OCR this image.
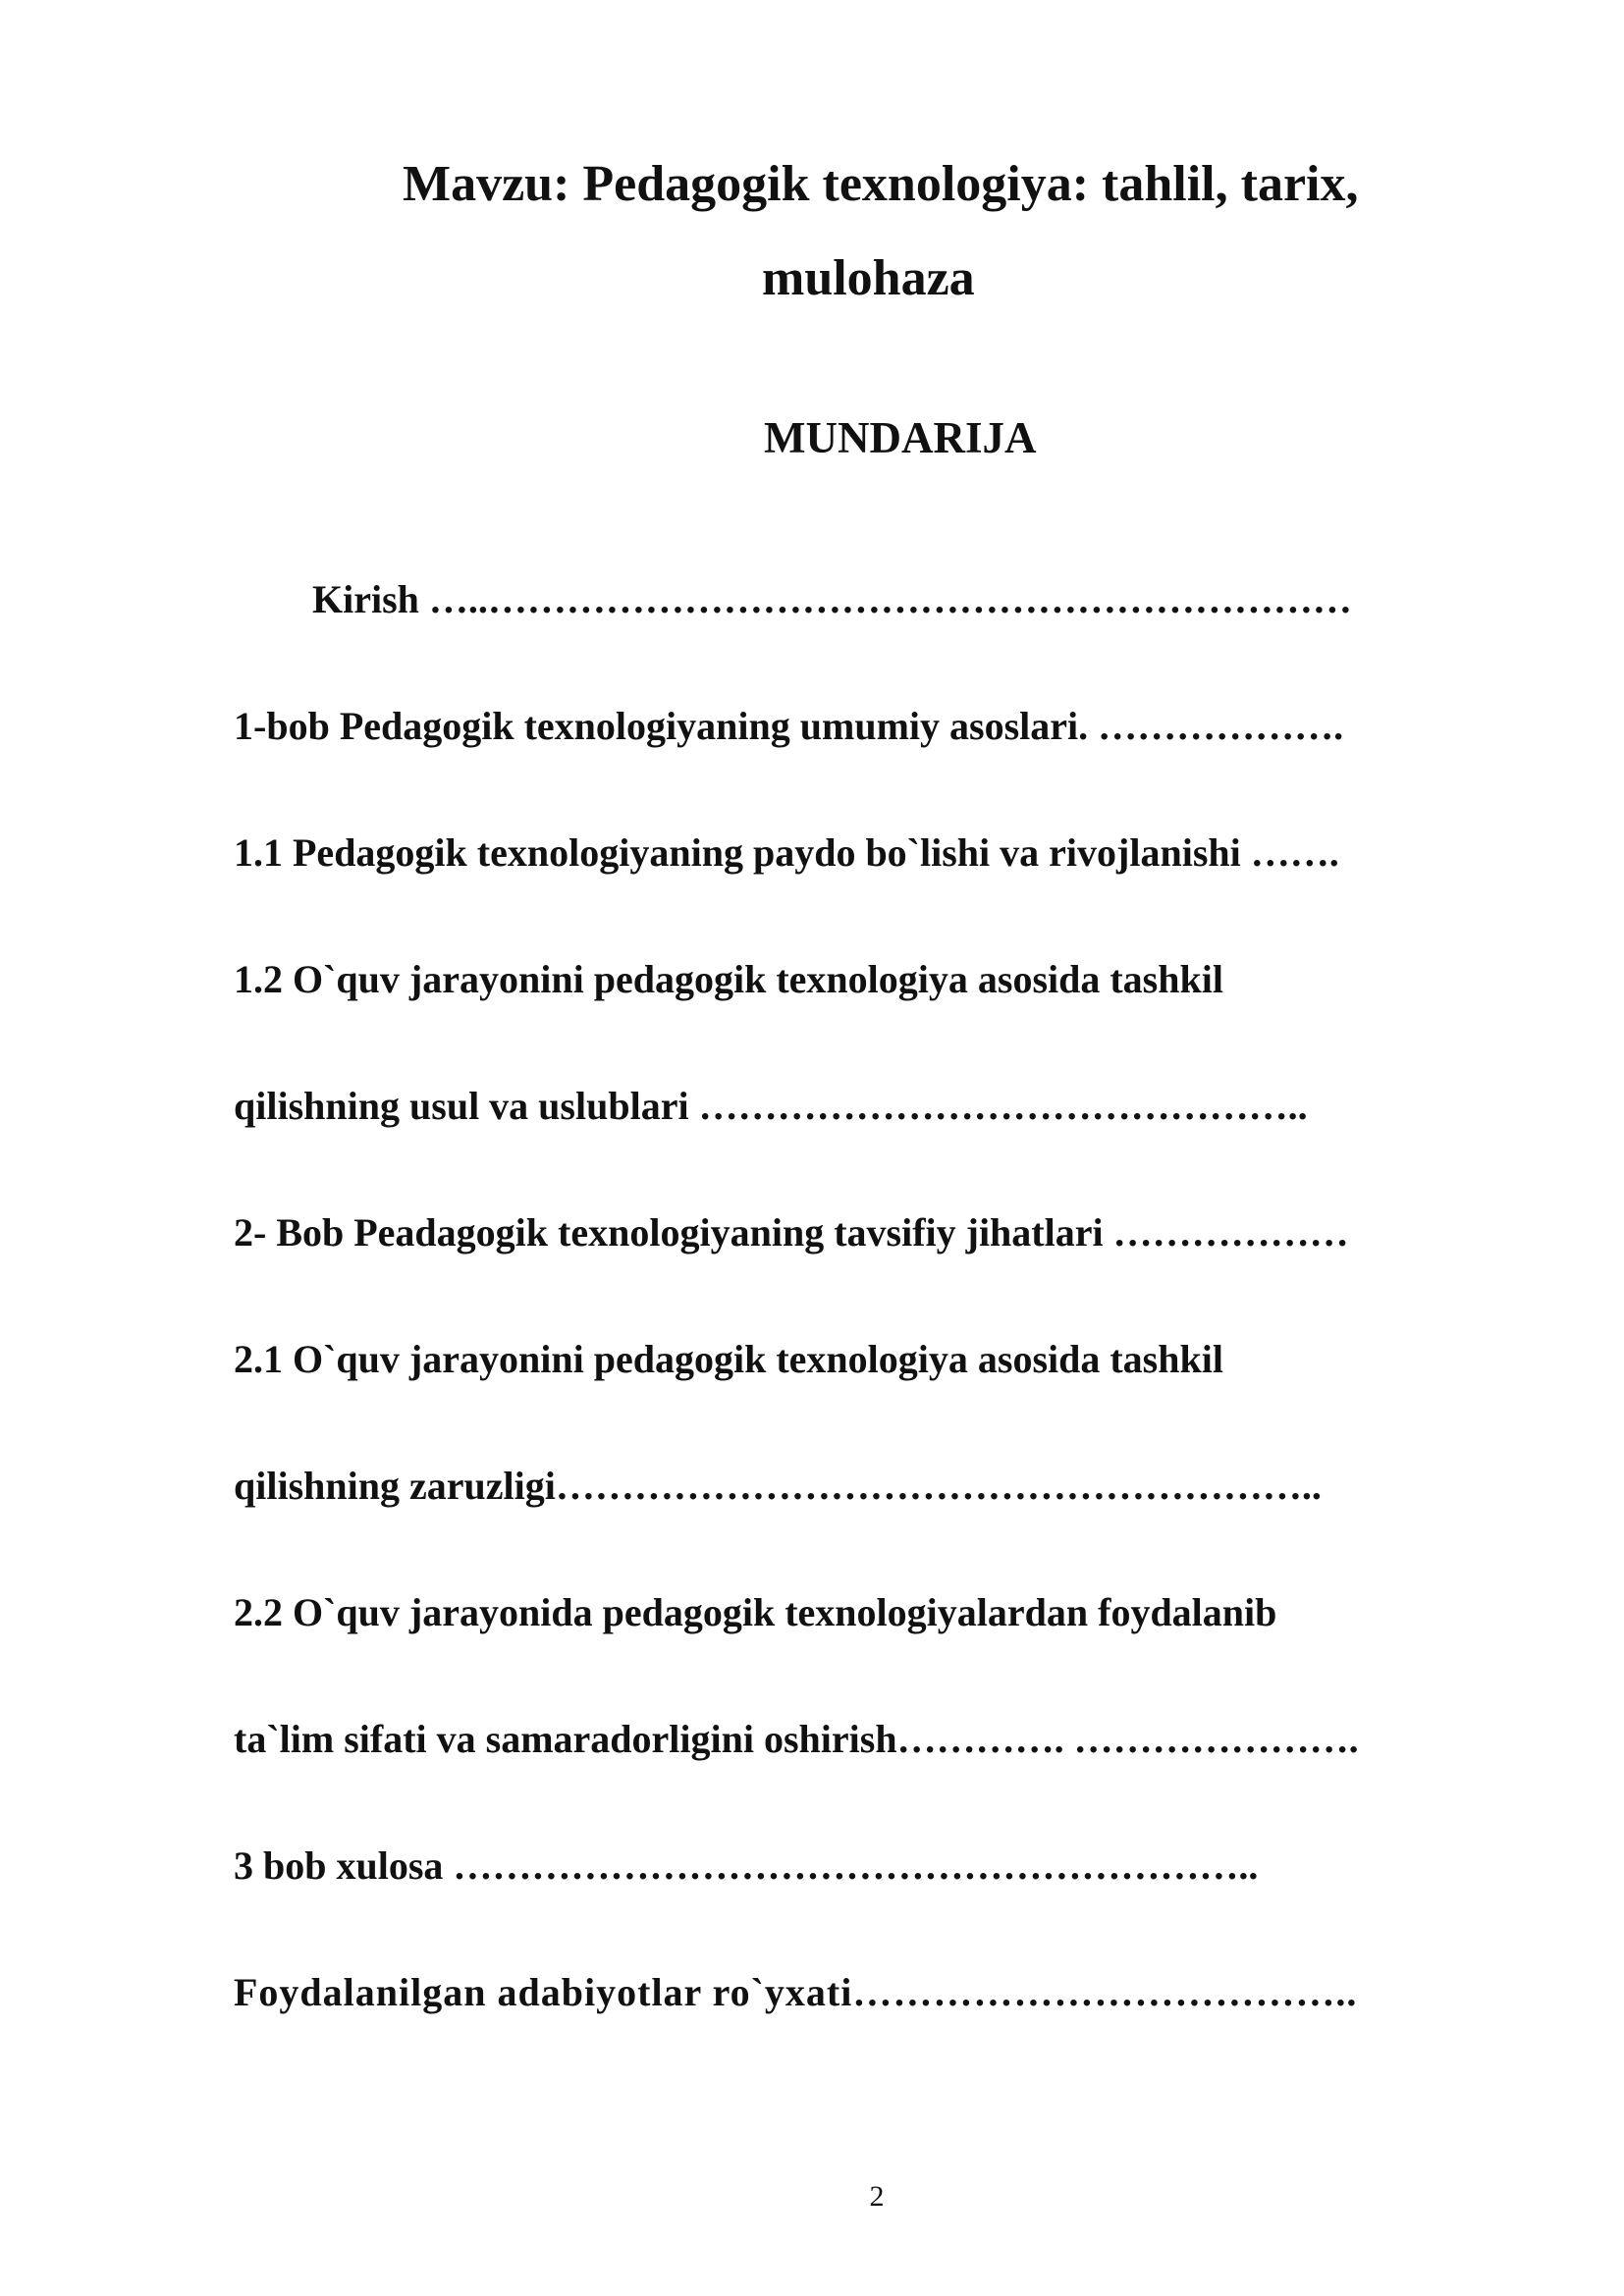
Mavzu: Pedagogik texnologiya: tahlil, tarix,
mulohaza
MUNDARIJA
Kirish …..…………………………………………………………
1-bob Pedagogik texnologiyaning umumiy asoslari. ……………….
1.1 Pedagogik texnologiyaning paydo bo`lishi va rivojlanishi …….
1.2 O`quv jarayonini pedagogik texnologiya asosida tashkil
qilishning usul va uslublari ………………………………………..
2- Bob Peadagogik texnologiyaning tavsifiy jihatlari ………………
2.1 O`quv jarayonini pedagogik texnologiya asosida tashkil
qilishning zaruzligi…………………………………………………..
2.2 O`quv jarayonida pedagogik texnologiyalardan foydalanib
ta`lim sifati va samaradorligini oshirish…………. ………………….
3 bob xulosa ……………………………………………………..
Foydalanilgan adabiyotlar ro`yxati………………………………..
2
